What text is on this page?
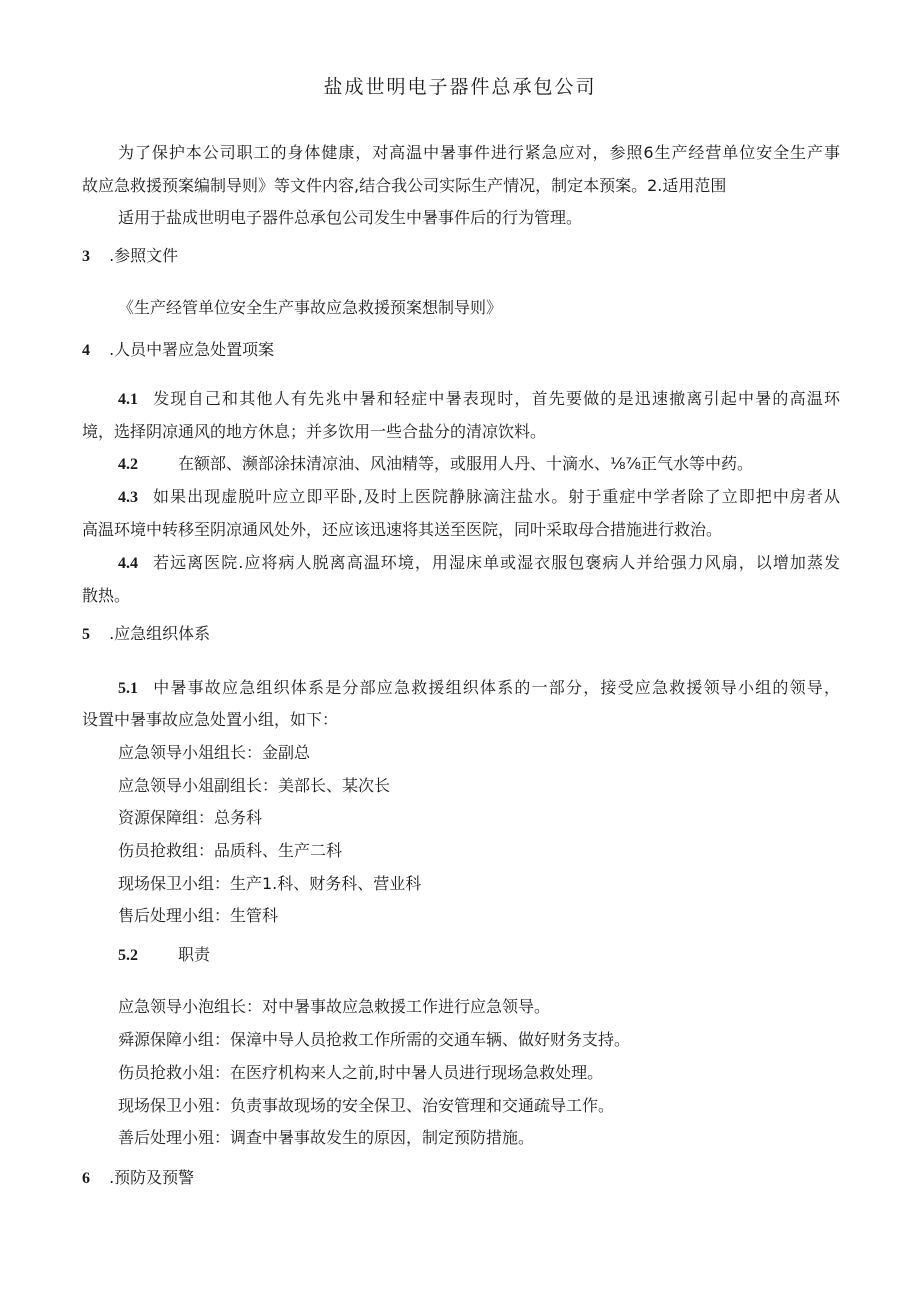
盐成世明电子器件总承包公司
为了保护本公司职工的身体健康，对高温中暑事件进行紧急应对，参照6生产经营单位安全生产事
故应急救援预案编制导则》等文件内容,结合我公司实际生产情况，制定本预案。2.适用范围
适用于盐成世明电子器件总承包公司发生中暑事件后的行为管理。
3 .参照文件
《生产经管单位安全生产事故应急救援预案想制导则》
4 .人员中署应急处置项案
4.1 发现自己和其他人有先兆中暑和轻症中暑表现时，首先要做的是迅速撤离引起中暑的高温环
境，选择阴凉通风的地方休息；并多饮用一些合盐分的清凉饮料。
4.2	在额部、濒部涂抹清凉油、风油精等，或服用人丹、十滴水、⅛⅞正气水等中药。
4.3 如果出现虚脱叶应立即平卧,及时上医院静脉滴注盐水。射于重症中学者除了立即把中房者从
高温环境中转移至阴凉通风处外，还应该迅速将其送至医院，同叶采取母合措施进行救治。
4.4 若远离医院.应将病人脱离高温环境，用湿床单或湿衣服包褒病人并给强力风扇，以增加蒸发
散热。
5 .应急组织体系
5.1 中暑事故应急组织体系是分部应急救援组织体系的一部分，接受应急救援领导小组的领导，
设置中暑事故应急处置小组，如下：
应急领导小俎组长：金副总
应急领导小俎副组长：美部长、某次长
资源保障组：总务科
伤员抢救组：品质科、生产二科
现场保卫小组：生产1.科、财务科、营业科
售后处理小组：生管科
5.2	职责
应急领导小泡组长：对中暑事故应急敕援工作进行应急领导。
舜源保障小组：保漳中导人员抢救工作所需的交通车辆、做好财务支持。
伤员抢救小俎：在医疗机构来人之前,时中暑人员进行现场急救处理。
现场保卫小殂：负责事故现场的安全保卫、治安管理和交通疏导工作。
善后处理小殂：调查中暑事故发生的原因，制定预防措施。
6 .预防及预警
